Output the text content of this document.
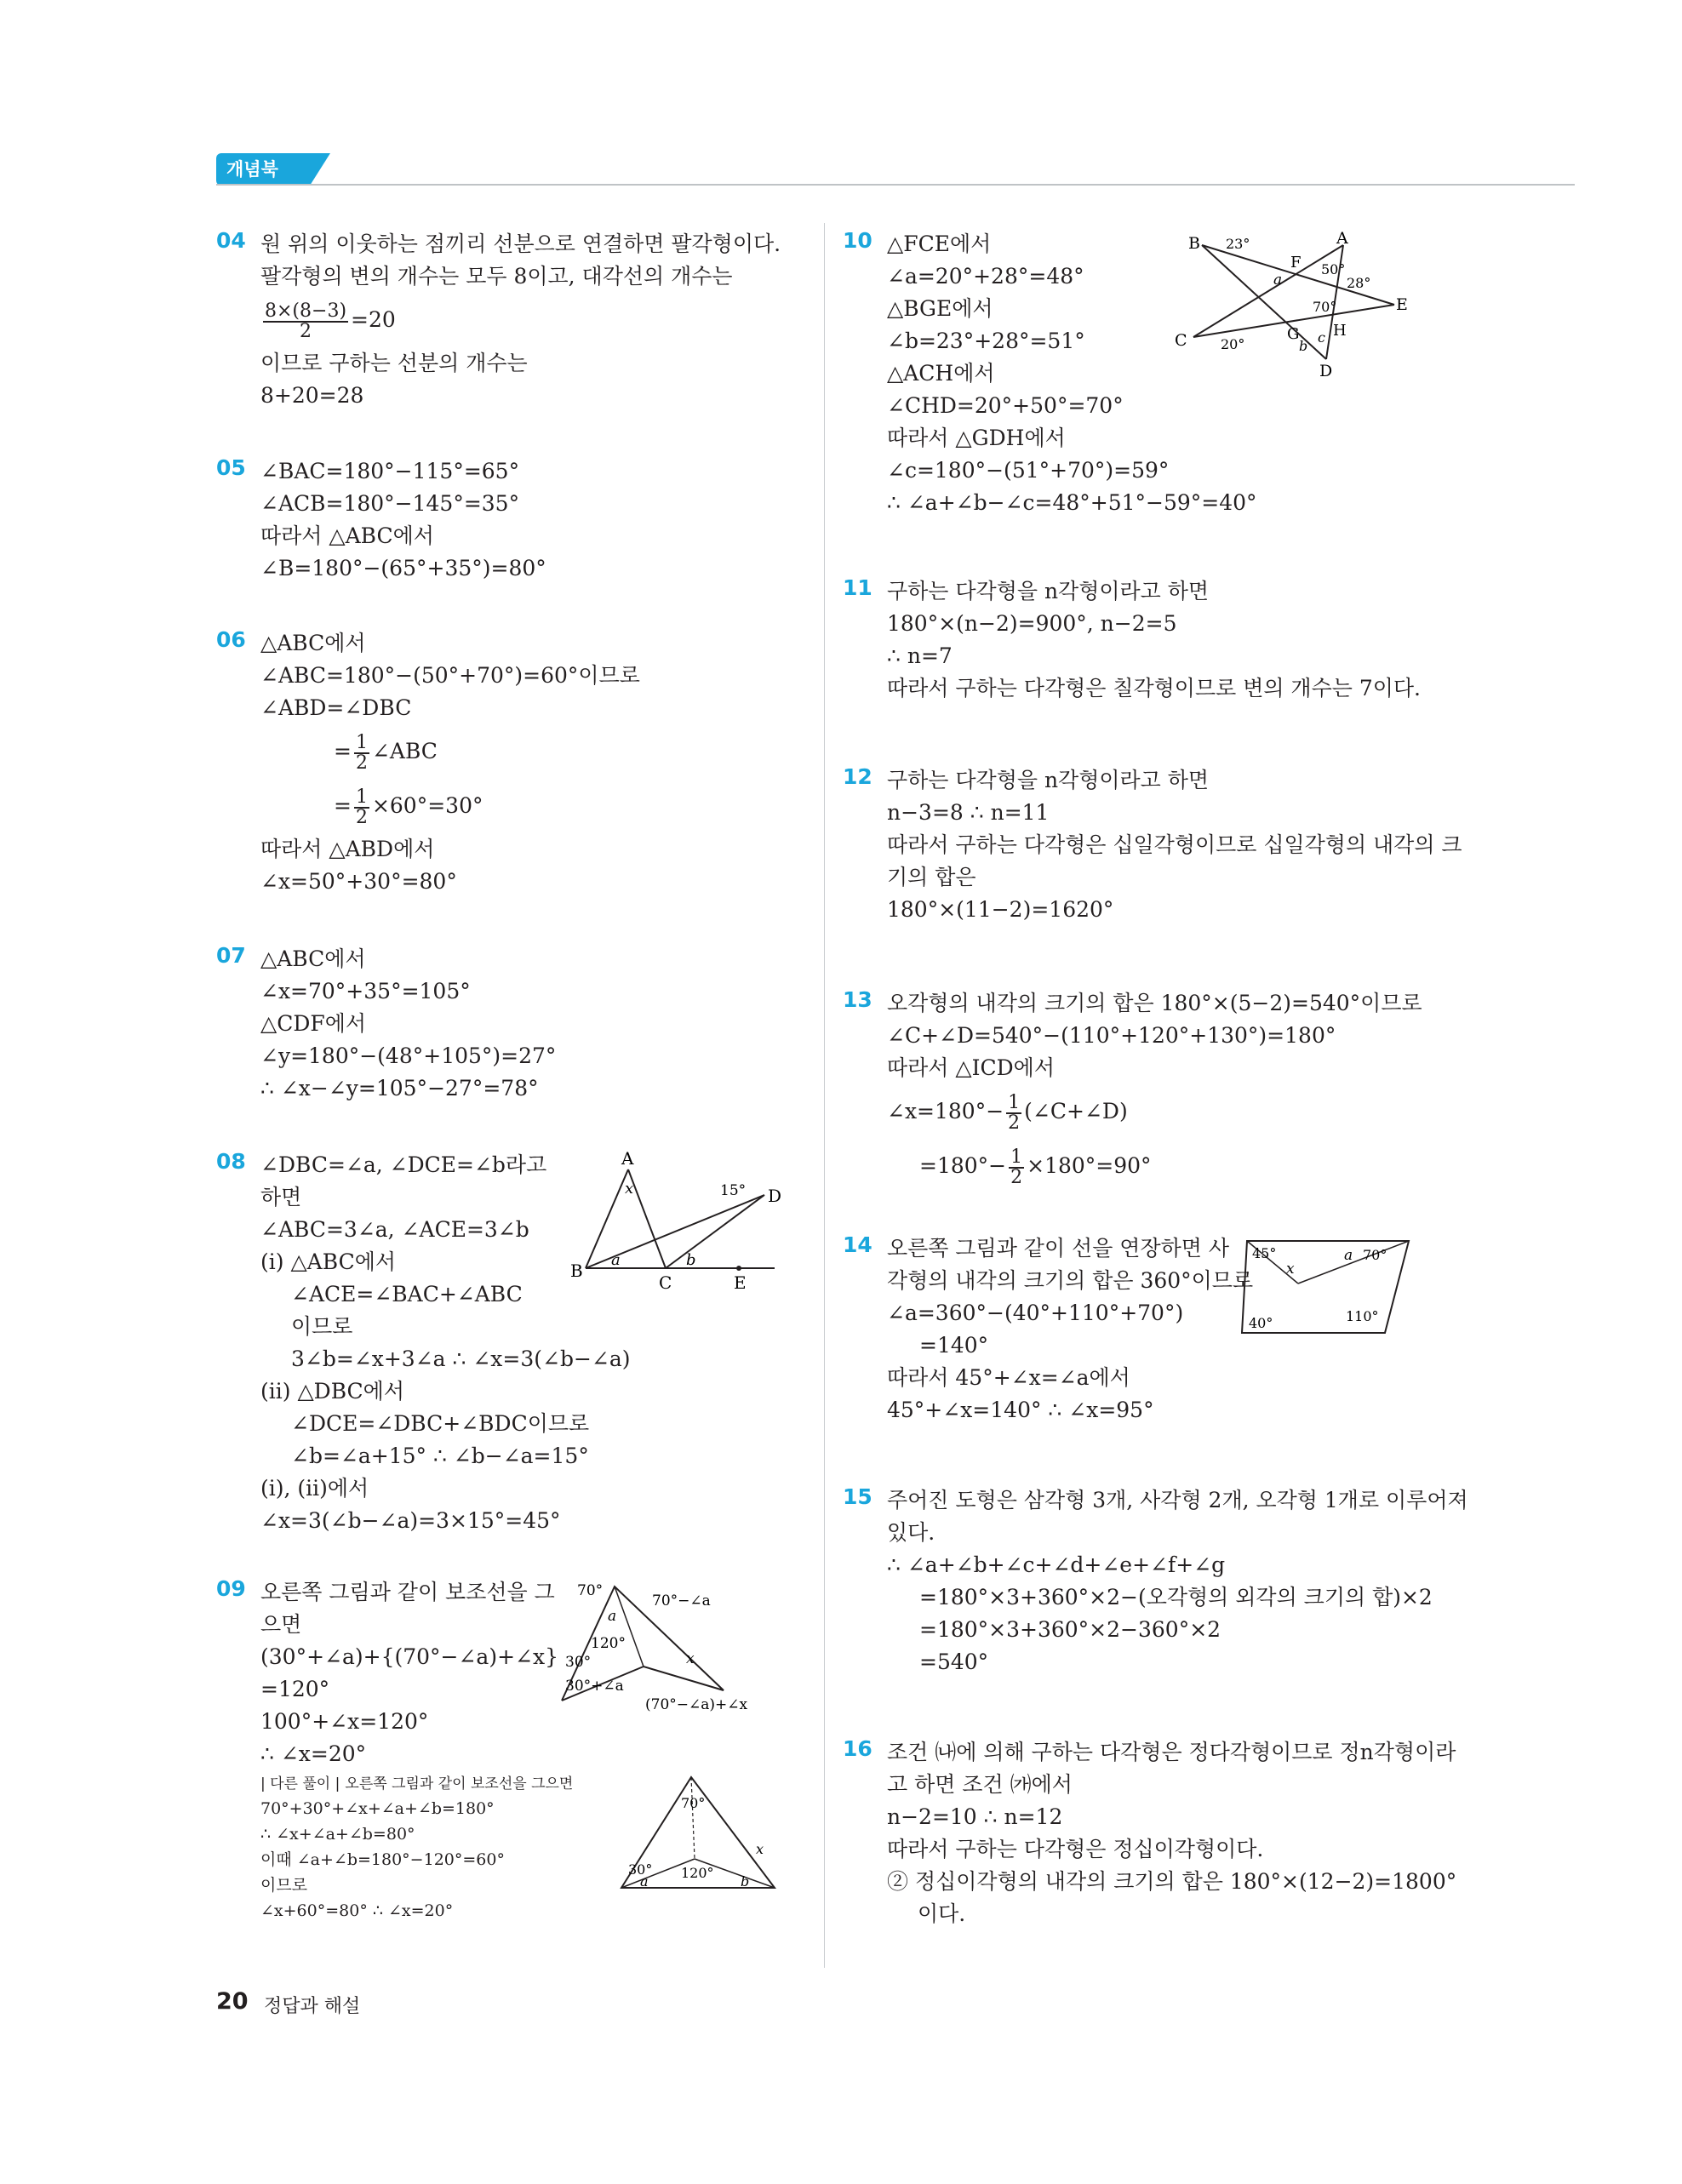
개념북
04 원 위의 이웃하는 점끼리 선분으로 연결하면 팔각형이다.
팔각형의 변의 개수는 모두 8이고, 대각선의 개수는
$\frac{8\times(8-3)}{2} =20$
이므로 구하는 선분의 개수는
8+20=28
05 ∠BAC=180°−115°=65°
∠ACB=180°−145°=35°
따라서 △ABC에서
∠B=180°−(65°+35°)=80°
06 △ABC에서
∠ABC=180°−(50°+70°)=60°이므로
∠ABD=∠DBC
= $\frac{1}{2}$ ∠ABC
= $\frac{1}{2} \times 60^\circ=30^\circ$
따라서 △ABD에서
∠x=50°+30°=80°
07 △ABC에서
∠x=70°+35°=105°
△CDF에서
∠y=180°−(48°+105°)=27°
∴ ∠x−∠y=105°−27°=78°
08 ∠DBC=∠a, ∠DCE=∠b라고
하면
∠ABC=3∠a, ∠ACE=3∠b
(ⅰ) △ABC에서
∠ACE=∠BAC+∠ABC
이므로
3∠b=∠x+3∠a ∴ ∠x=3(∠b−∠a)
(ⅱ) △DBC에서
∠DCE=∠DBC+∠BDC이므로
∠b=∠a+15° ∴ ∠b−∠a=15°
(ⅰ), (ⅱ)에서
∠x=3(∠b−∠a)=3×15°=45°
A
B
C
D
E
x
a	b
15°
09 오른쪽 그림과 같이 보조선을 그
으면
(30°+∠a)+{(70°−∠a)+∠x}
=120°
100°+∠x=120°
∴ ∠x=20°
| 다른 풀이 | 오른쪽 그림과 같이 보조선을 그으면
70°+30°+∠x+∠a+∠b=180°
∴ ∠x+∠a+∠b=80°
이때 ∠a+∠b=180°−120°=60°
이므로
∠x+60°=80° ∴ ∠x=20°
70°
70°−∠a
a
120°
30°	x
30°+∠a
(70°−∠a)+∠x
70°
30° 120°
a	b
x
10 △FCE에서
∠a=20°+28°=48°
△BGE에서
∠b=23°+28°=51°
△ACH에서
∠CHD=20°+50°=70°
따라서 △GDH에서
∠c=180°−(51°+70°)=59°
∴ ∠a+∠b−∠c=48°+51°−59°=40°
B 23°	A
F 50°
28°
a
E
70°
C 20°
G
b
c H
D
11 구하는 다각형을 n각형이라고 하면
180°×(n−2)=900°, n−2=5
∴ n=7
따라서 구하는 다각형은 칠각형이므로 변의 개수는 7이다.
12 구하는 다각형을 n각형이라고 하면
n−3=8 ∴ n=11
따라서 구하는 다각형은 십일각형이므로 십일각형의 내각의 크
기의 합은
180°×(11−2)=1620°
13 오각형의 내각의 크기의 합은 180°×(5−2)=540°이므로
∠C+∠D=540°−(110°+120°+130°)=180°
따라서 △ICD에서
∠x=180°− $\frac{1}{2}$ (∠C+∠D)
$=180^\circ- \frac{1}{2} \times 180^\circ=90^\circ$
14 오른쪽 그림과 같이 선을 연장하면 사
각형의 내각의 크기의 합은 360°이므로
∠a=360°−(40°+110°+70°)
=140°
따라서 45°+∠x=∠a에서
45°+∠x=140° ∴ ∠x=95°
45°
x
a 70°
40°	110°
15 주어진 도형은 삼각형 3개, 사각형 2개, 오각형 1개로 이루어져
있다.
∴ ∠a+∠b+∠c+∠d+∠e+∠f+∠g
=180°×3+360°×2−(오각형의 외각의 크기의 합)×2
=180°×3+360°×2−360°×2
=540°
16 조건 ㈏에 의해 구하는 다각형은 정다각형이므로 정n각형이라
고 하면 조건 ㈎에서
n−2=10 ∴ n=12
따라서 구하는 다각형은 정십이각형이다.
② 정십이각형의 내각의 크기의 합은 180°×(12−2)=1800°
이다.
20 정답과 해설
